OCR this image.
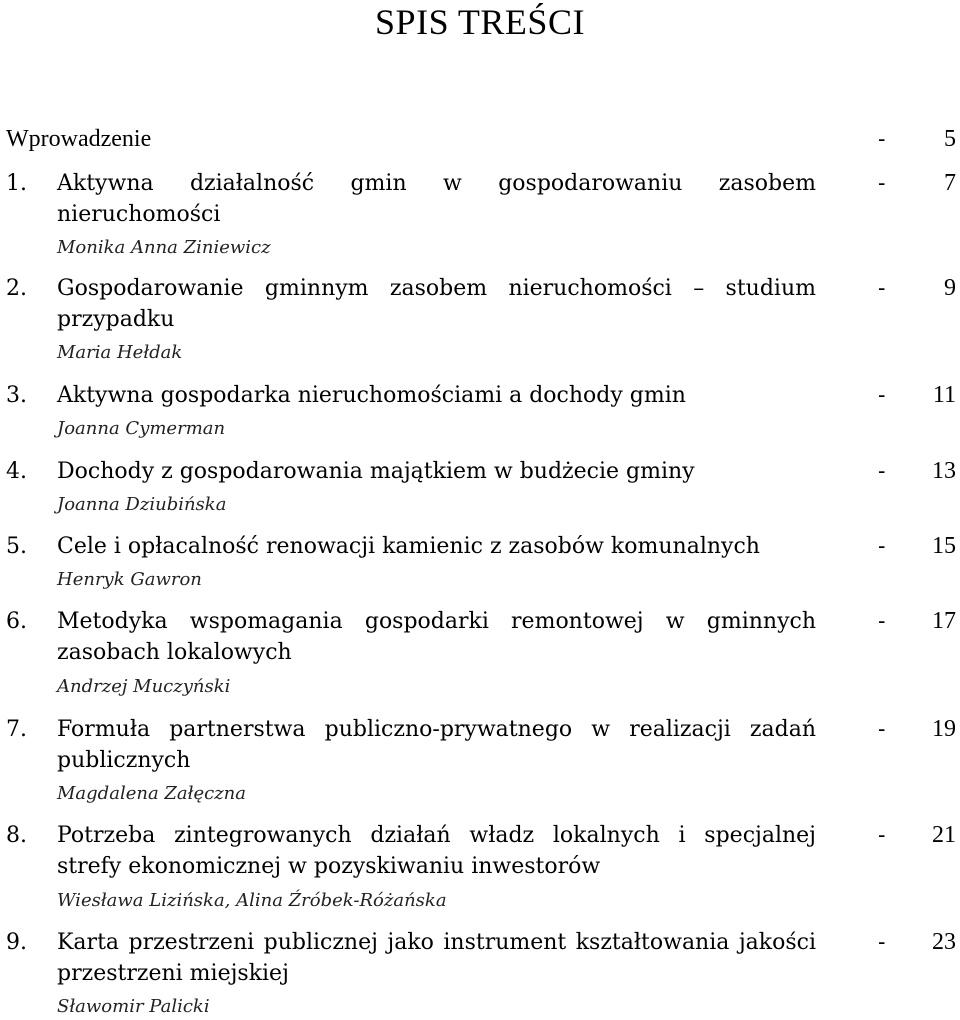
SPIS TREŚCI
Wprowadzenie	- 5
1. Aktywna działalność gmin w gospodarowaniu zasobem nieruchomości
Monika Anna Ziniewicz
- 7
2. Gospodarowanie gminnym zasobem nieruchomości – studium przypadku
Maria Hełdak
- 9
3. Aktywna gospodarka nieruchomościami a dochody gmin
Joanna Cymerman
- 11
4. Dochody z gospodarowania majątkiem w budżecie gminy
Joanna Dziubińska
- 13
5. Cele i opłacalność renowacji kamienic z zasobów komunalnych
Henryk Gawron
- 15
6. Metodyka wspomagania gospodarki remontowej w gminnych zasobach lokalowych
Andrzej Muczyński
- 17
7. Formuła partnerstwa publiczno-prywatnego w realizacji zadań publicznych
Magdalena Załęczna
- 19
8. Potrzeba zintegrowanych działań władz lokalnych i specjalnej strefy ekonomicznej w pozyskiwaniu inwestorów
Wiesława Lizińska, Alina Źróbek-Różańska
- 21
9. Karta przestrzeni publicznej jako instrument kształtowania jakości przestrzeni miejskiej
Sławomir Palicki
- 23
